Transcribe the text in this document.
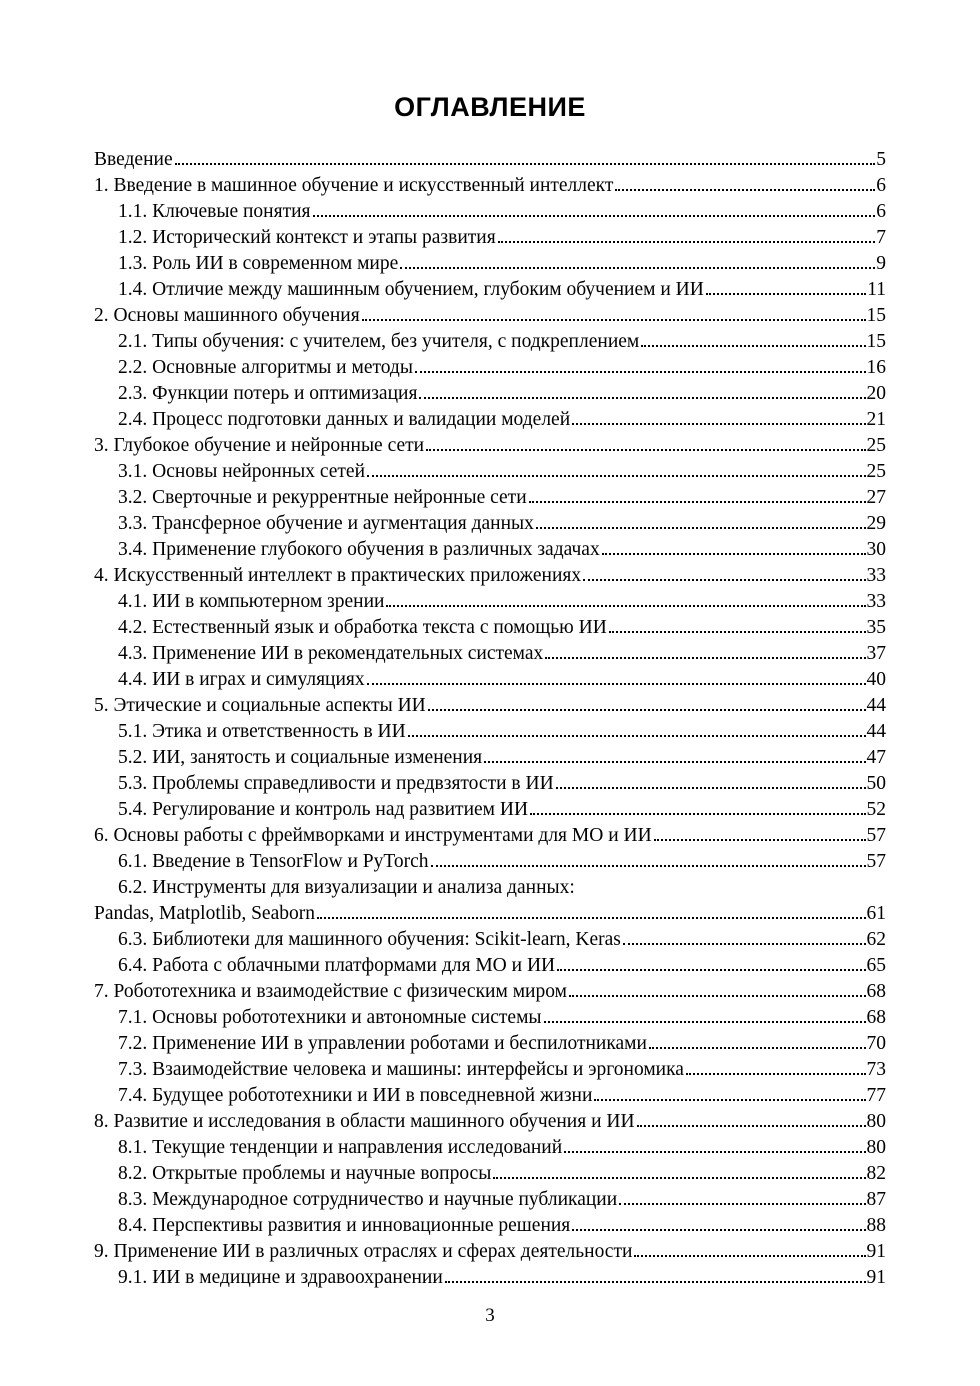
ОГЛАВЛЕНИЕ
Введение	5
1. Введение в машинное обучение и искусственный интеллект	6
1.1. Ключевые понятия	6
1.2. Исторический контекст и этапы развития	7
1.3. Роль ИИ в современном мире	9
1.4. Отличие между машинным обучением, глубоким обучением и ИИ	11
2. Основы машинного обучения	15
2.1. Типы обучения: с учителем, без учителя, с подкреплением	15
2.2. Основные алгоритмы и методы	16
2.3. Функции потерь и оптимизация	20
2.4. Процесс подготовки данных и валидации моделей	21
3. Глубокое обучение и нейронные сети	25
3.1. Основы нейронных сетей	25
3.2. Сверточные и рекуррентные нейронные сети	27
3.3. Трансферное обучение и аугментация данных	29
3.4. Применение глубокого обучения в различных задачах	30
4. Искусственный интеллект в практических приложениях	33
4.1. ИИ в компьютерном зрении	33
4.2. Естественный язык и обработка текста с помощью ИИ	35
4.3. Применение ИИ в рекомендательных системах	37
4.4. ИИ в играх и симуляциях	40
5. Этические и социальные аспекты ИИ	44
5.1. Этика и ответственность в ИИ	44
5.2. ИИ, занятость и социальные изменения	47
5.3. Проблемы справедливости и предвзятости в ИИ	50
5.4. Регулирование и контроль над развитием ИИ	52
6. Основы работы с фреймворками и инструментами для МО и ИИ	57
6.1. Введение в TensorFlow и PyTorch	57
6.2. Инструменты для визуализации и анализа данных:
Pandas, Matplotlib, Seaborn	61
6.3. Библиотеки для машинного обучения: Scikit-learn, Keras	62
6.4. Работа с облачными платформами для МО и ИИ	65
7. Робототехника и взаимодействие с физическим миром	68
7.1. Основы робототехники и автономные системы	68
7.2. Применение ИИ в управлении роботами и беспилотниками	70
7.3. Взаимодействие человека и машины: интерфейсы и эргономика	73
7.4. Будущее робототехники и ИИ в повседневной жизни	77
8. Развитие и исследования в области машинного обучения и ИИ	80
8.1. Текущие тенденции и направления исследований	80
8.2. Открытые проблемы и научные вопросы	82
8.3. Международное сотрудничество и научные публикации	87
8.4. Перспективы развития и инновационные решения	88
9. Применение ИИ в различных отраслях и сферах деятельности	91
9.1. ИИ в медицине и здравоохранении	91
3
